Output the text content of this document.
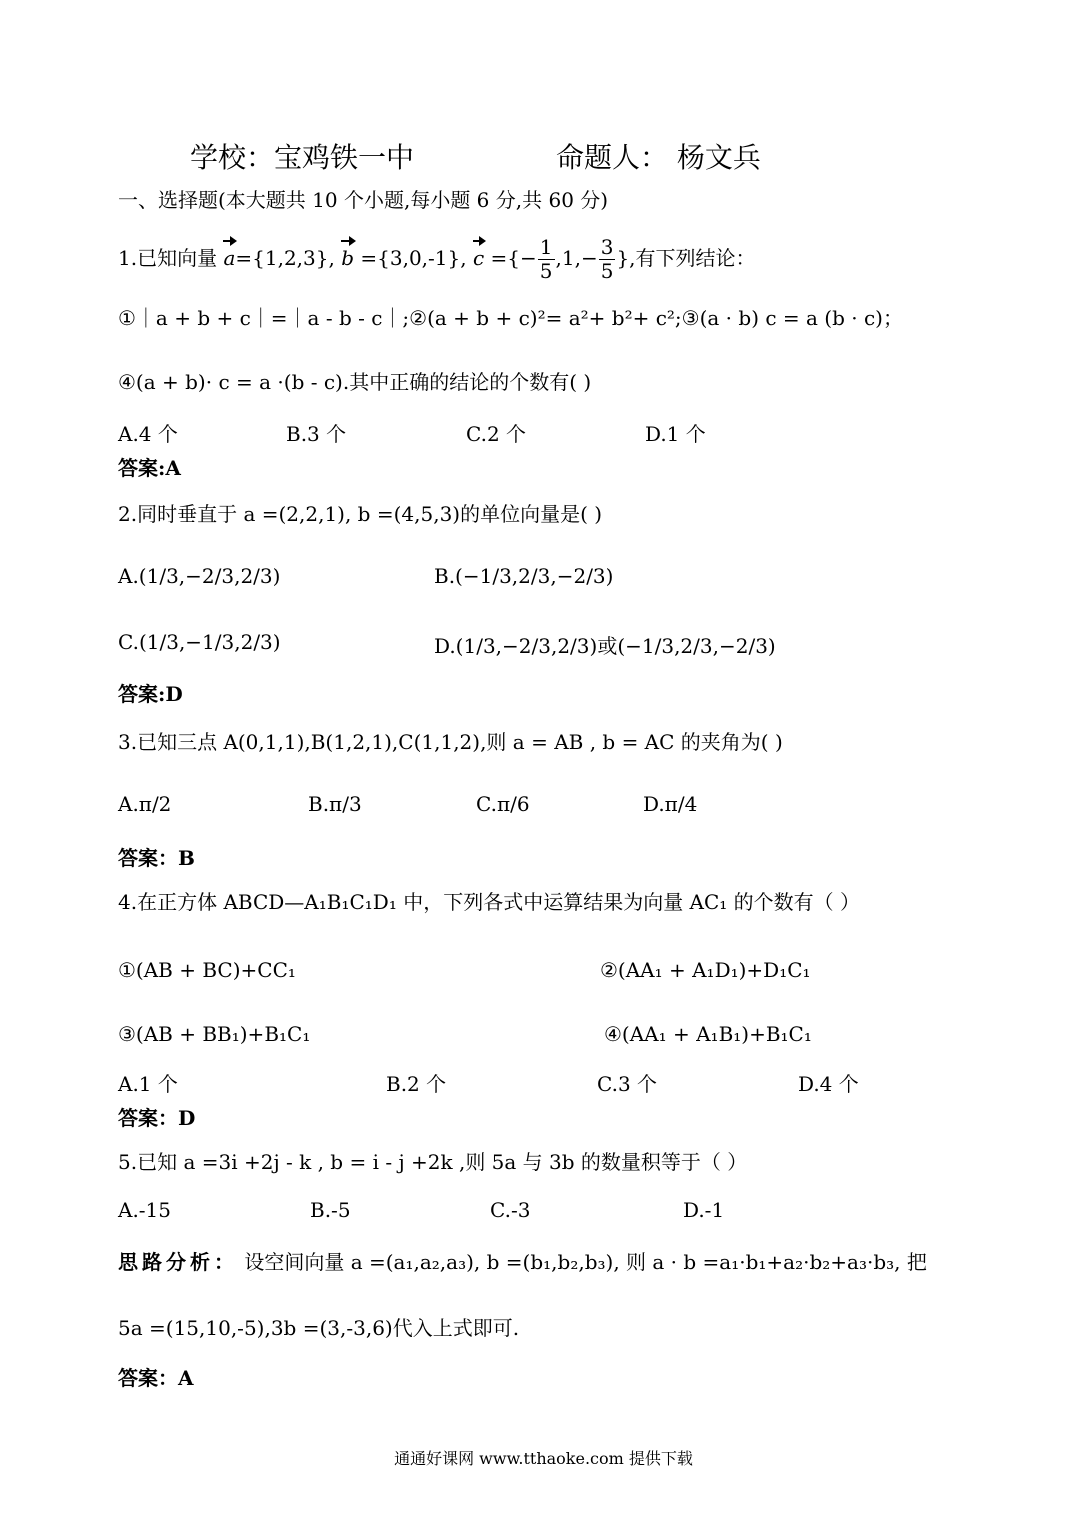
学校：宝鸡铁一中	命题人： 杨文兵
一、选择题(本大题共 10 个小题,每小题 6 分,共 60 分)
1.已知向量 a={1,2,3}, b ={3,0,-1}, c ={− $\frac{1}{5} ,1,- \frac{3}{5}$ },有下列结论：
①｜a + b + c｜=｜a - b - c｜;②(a + b + c)²= a²+ b²+ c²;③(a · b) c = a (b · c)；
④(a + b)· c = a ·(b - c).其中正确的结论的个数有( )
A.4 个	B.3 个	C.2 个	D.1 个
答案:A
2.同时垂直于 a =(2,2,1), b =(4,5,3)的单位向量是( )
A.(1/3,−2/3,2/3)	B.(−1/3,2/3,−2/3)
C.(1/3,−1/3,2/3)	D.(1/3,−2/3,2/3)或(−1/3,2/3,−2/3)
答案:D
3.已知三点 A(0,1,1),B(1,2,1),C(1,1,2),则 a = AB , b = AC 的夹角为( )
A.π/2	B.π/3	C.π/6	D.π/4
答案：B
4.在正方体 ABCD—A₁B₁C₁D₁ 中，下列各式中运算结果为向量 AC₁ 的个数有（ ）
①(AB + BC)+CC₁	②(AA₁ + A₁D₁)+D₁C₁
③(AB + BB₁)+B₁C₁	④(AA₁ + A₁B₁)+B₁C₁
A.1 个	B.2 个	C.3 个	D.4 个
答案：D
5.已知 a =3i +2j - k , b = i - j +2k ,则 5a 与 3b 的数量积等于（ ）
A.-15	B.-5	C.-3	D.-1
思路分析： 设空间向量 a =(a₁,a₂,a₃), b =(b₁,b₂,b₃), 则 a · b =a₁·b₁+a₂·b₂+a₃·b₃, 把
5a =(15,10,-5),3b =(3,-3,6)代入上式即可.
答案：A
通通好课网 www.tthaoke.com 提供下载
